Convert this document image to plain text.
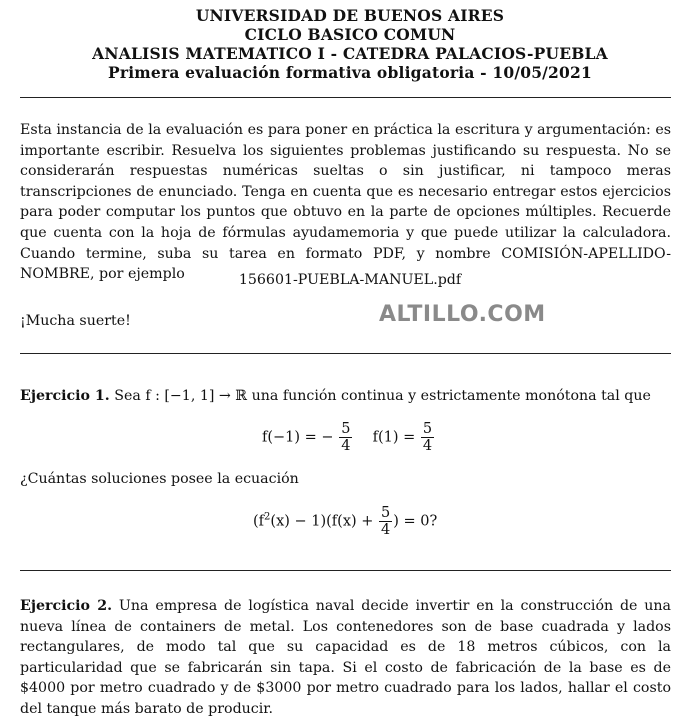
UNIVERSIDAD DE BUENOS AIRES
CICLO BASICO COMUN
ANALISIS MATEMATICO I - CATEDRA PALACIOS-PUEBLA
Primera evaluación formativa obligatoria - 10/05/2021
Esta instancia de la evaluación es para poner en práctica la escritura y argumentación: es importante escribir. Resuelva los siguientes problemas justificando su respuesta. No se considerarán respuestas numéricas sueltas o sin justificar, ni tampoco meras transcripciones de enunciado. Tenga en cuenta que es necesario entregar estos ejercicios para poder computar los puntos que obtuvo en la parte de opciones múltiples. Recuerde que cuenta con la hoja de fórmulas ayudamemoria y que puede utilizar la calculadora. Cuando termine, suba su tarea en formato PDF, y nombre COMISIÓN-APELLIDO-NOMBRE, por ejemplo	156601-PUEBLA-MANUEL.pdf
¡Mucha suerte!	ALTILLO.COM
Ejercicio 1. Sea f : [−1, 1] → ℝ una función continua y estrictamente monótona tal que
f(−1) = − $\frac{5}{4} f(1) = \frac{5}{4}$
¿Cuántas soluciones posee la ecuación
$(f^2(x) - 1)(f(x) + \frac{5}{4}$ ) = 0?
Ejercicio 2. Una empresa de logística naval decide invertir en la construcción de una nueva línea de containers de metal. Los contenedores son de base cuadrada y lados rectangulares, de modo tal que su capacidad es de 18 metros cúbicos, con la particularidad que se fabricarán sin tapa. Si el costo de fabricación de la base es de $4000 por metro cuadrado y de $3000 por metro cuadrado para los lados, hallar el costo del tanque más barato de producir.
